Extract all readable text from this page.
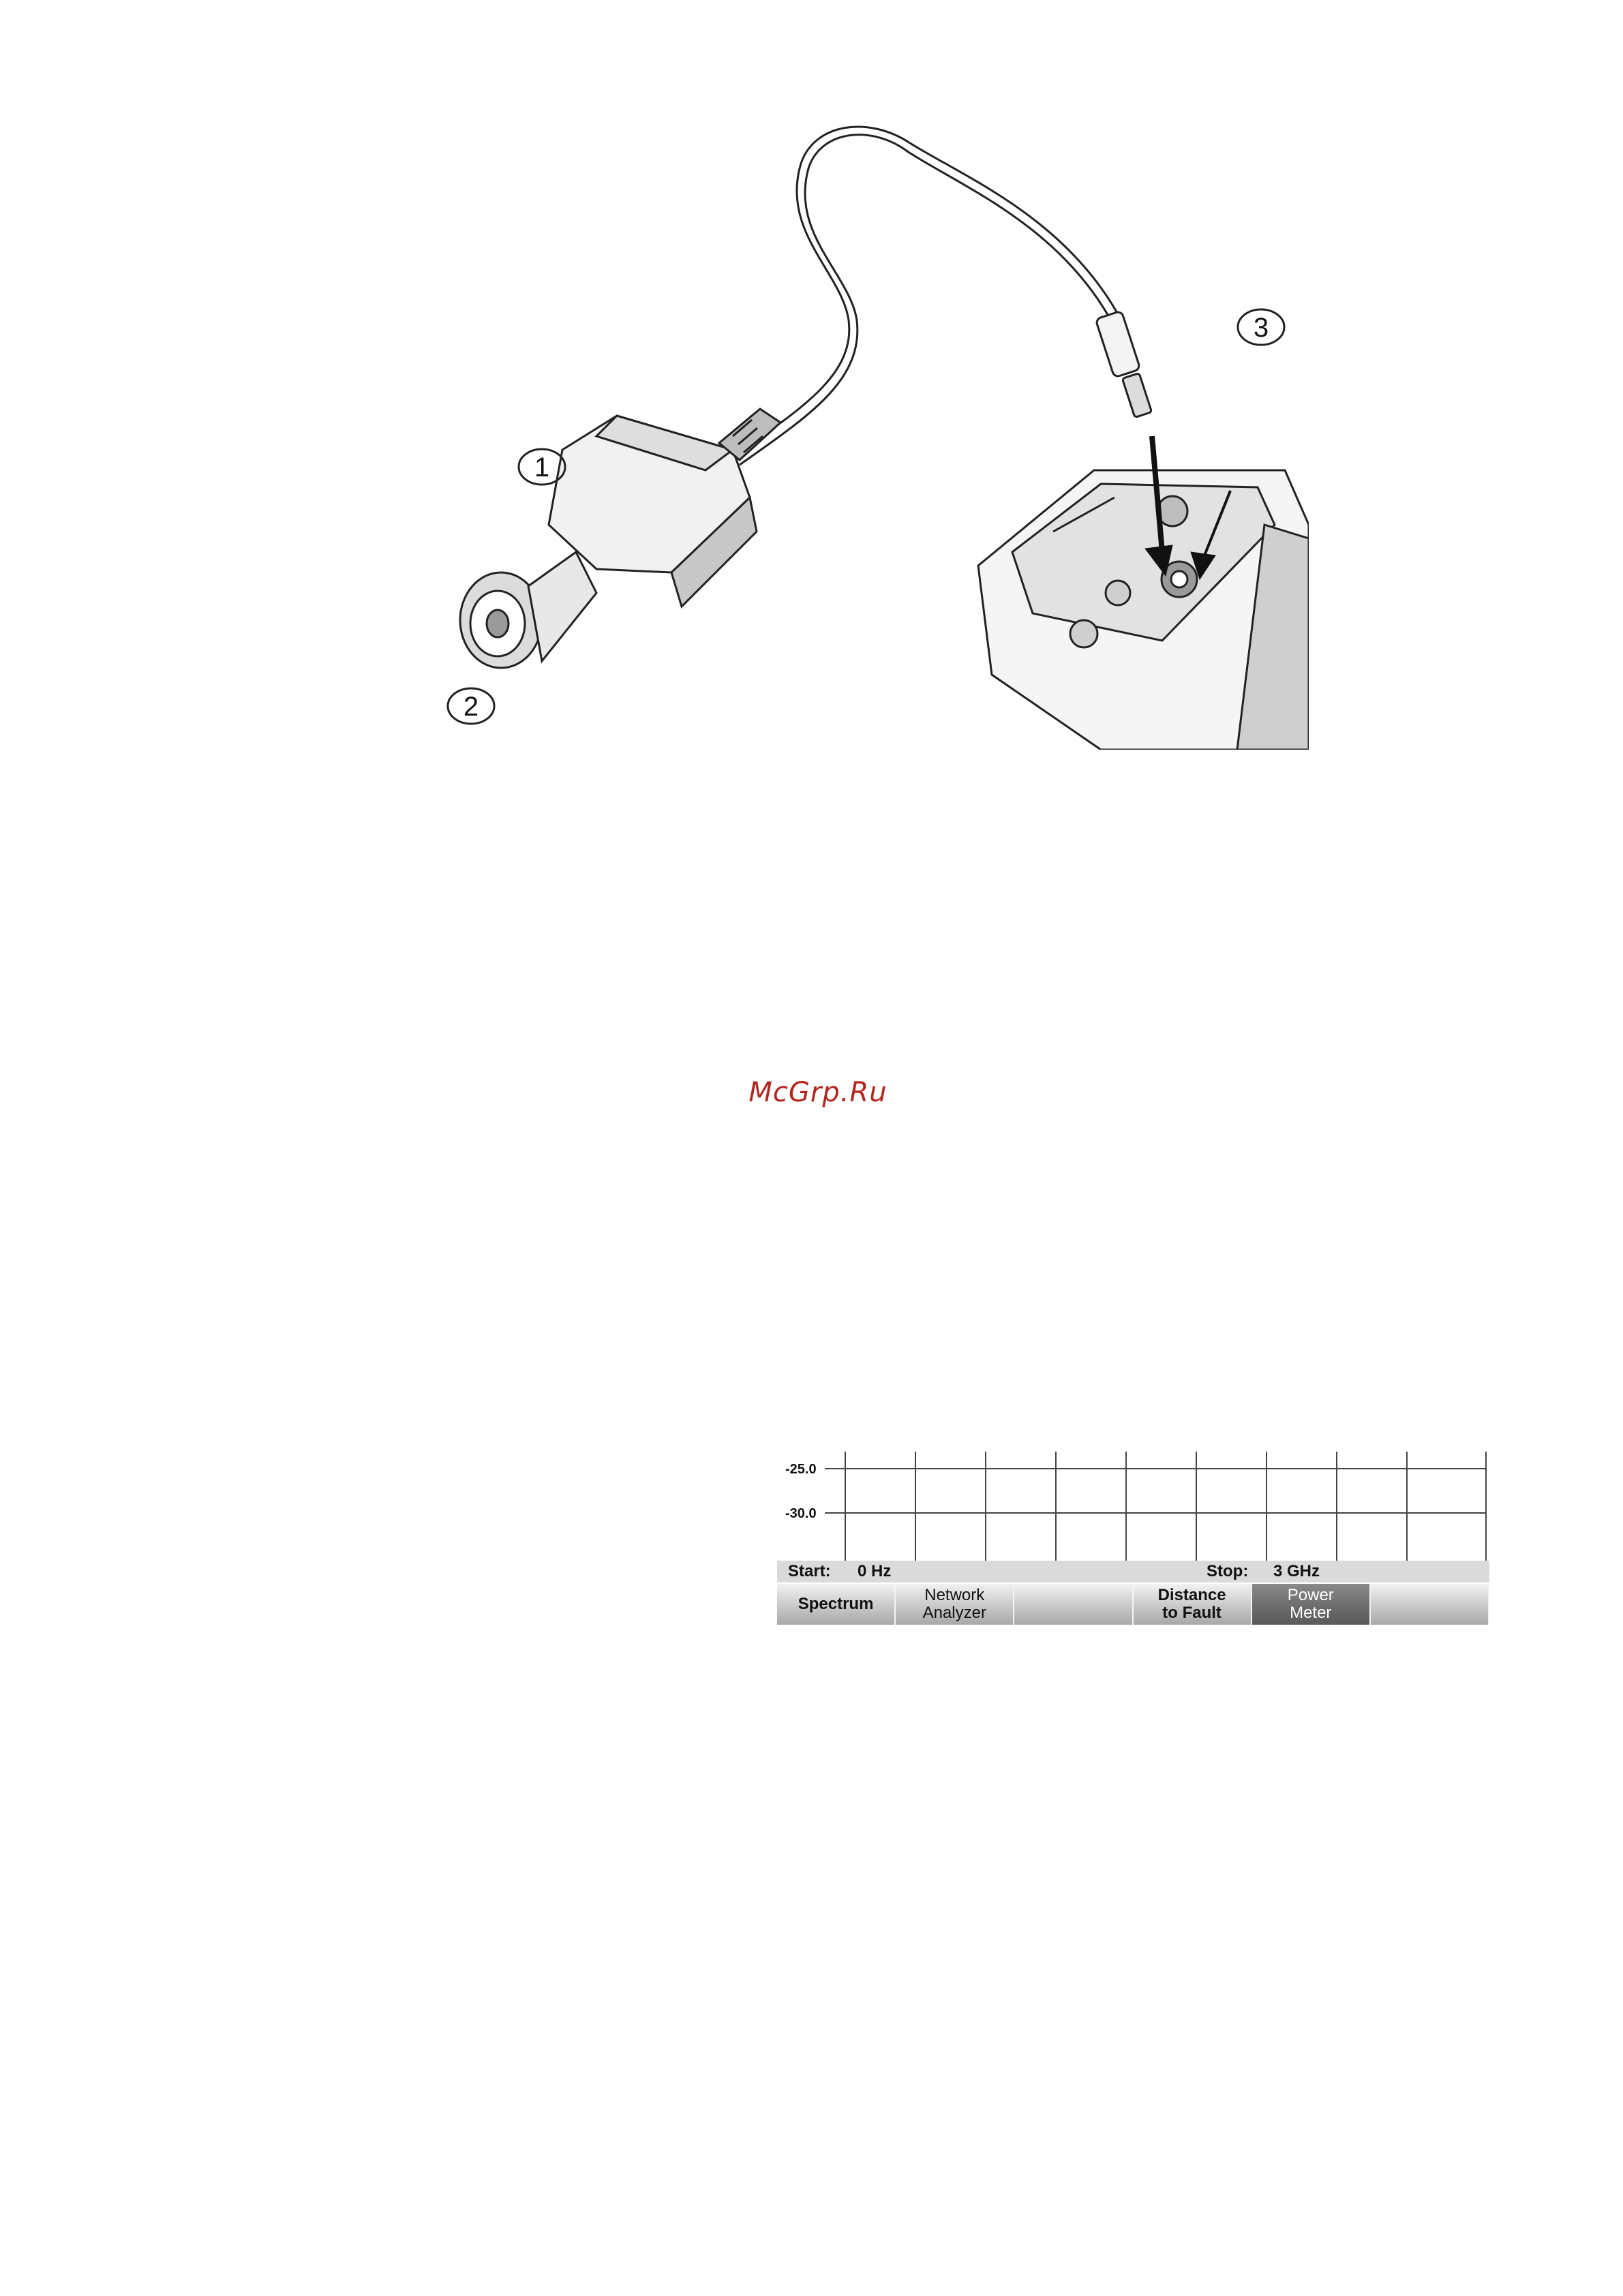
1
2
3
McGrp.Ru
-25.0
-30.0
Start: 0 Hz	Stop: 3 GHz
Spectrum	Network
Analyzer
Distance
to Fault
Power
Meter
